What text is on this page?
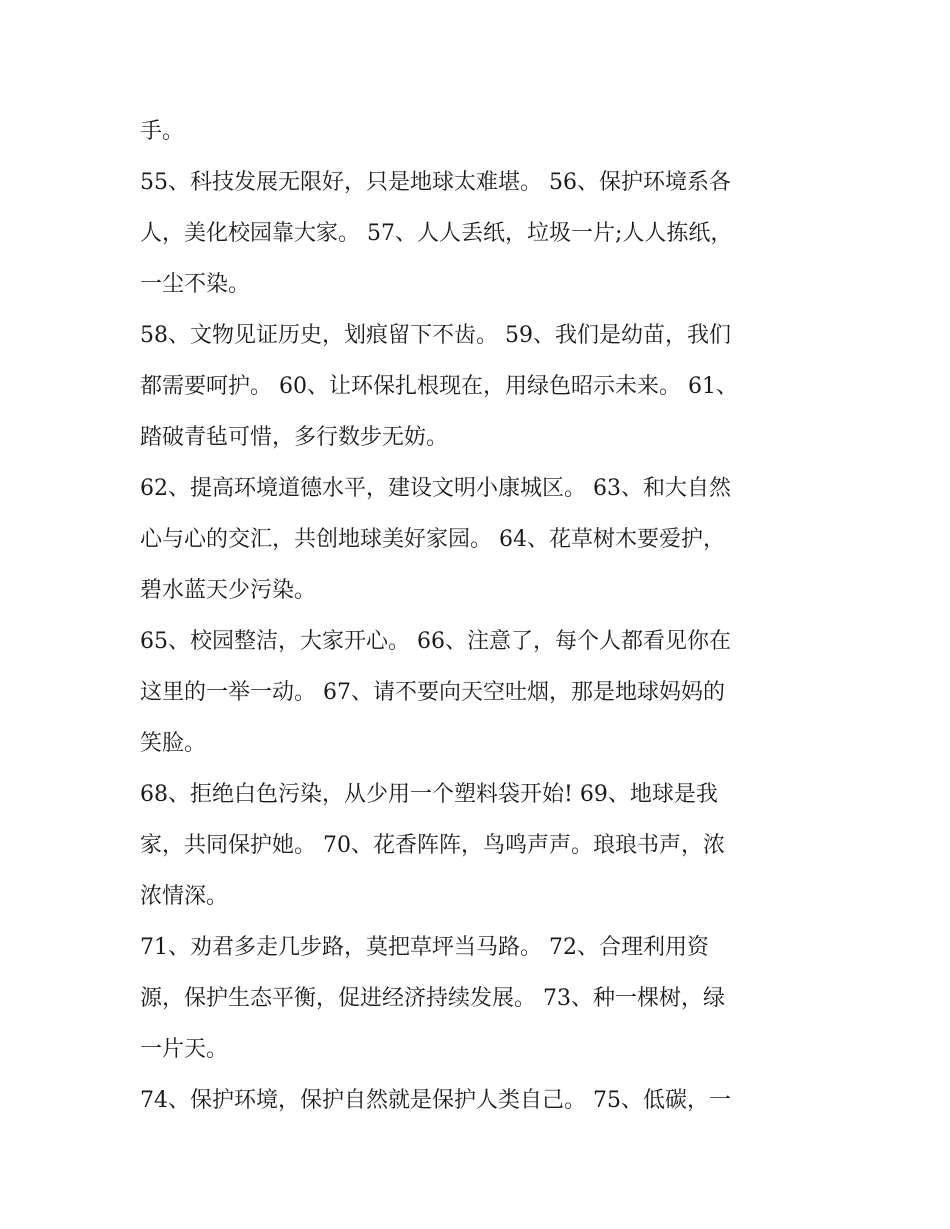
手。
55、科技发展无限好，只是地球太难堪。 56、保护环境系各
人，美化校园靠大家。 57、人人丢纸，垃圾一片;人人拣纸，
一尘不染。
58、文物见证历史，划痕留下不齿。 59、我们是幼苗，我们
都需要呵护。 60、让环保扎根现在，用绿色昭示未来。 61、
踏破青毡可惜，多行数步无妨。
62、提高环境道德水平，建设文明小康城区。 63、和大自然
心与心的交汇，共创地球美好家园。 64、花草树木要爱护，
碧水蓝天少污染。
65、校园整洁，大家开心。 66、注意了，每个人都看见你在
这里的一举一动。 67、请不要向天空吐烟，那是地球妈妈的
笑脸。
68、拒绝白色污染，从少用一个塑料袋开始! 69、地球是我
家，共同保护她。 70、花香阵阵，鸟鸣声声。琅琅书声，浓
浓情深。
71、劝君多走几步路，莫把草坪当马路。 72、合理利用资
源，保护生态平衡，促进经济持续发展。 73、种一棵树，绿
一片天。
74、保护环境，保护自然就是保护人类自己。 75、低碳，一
